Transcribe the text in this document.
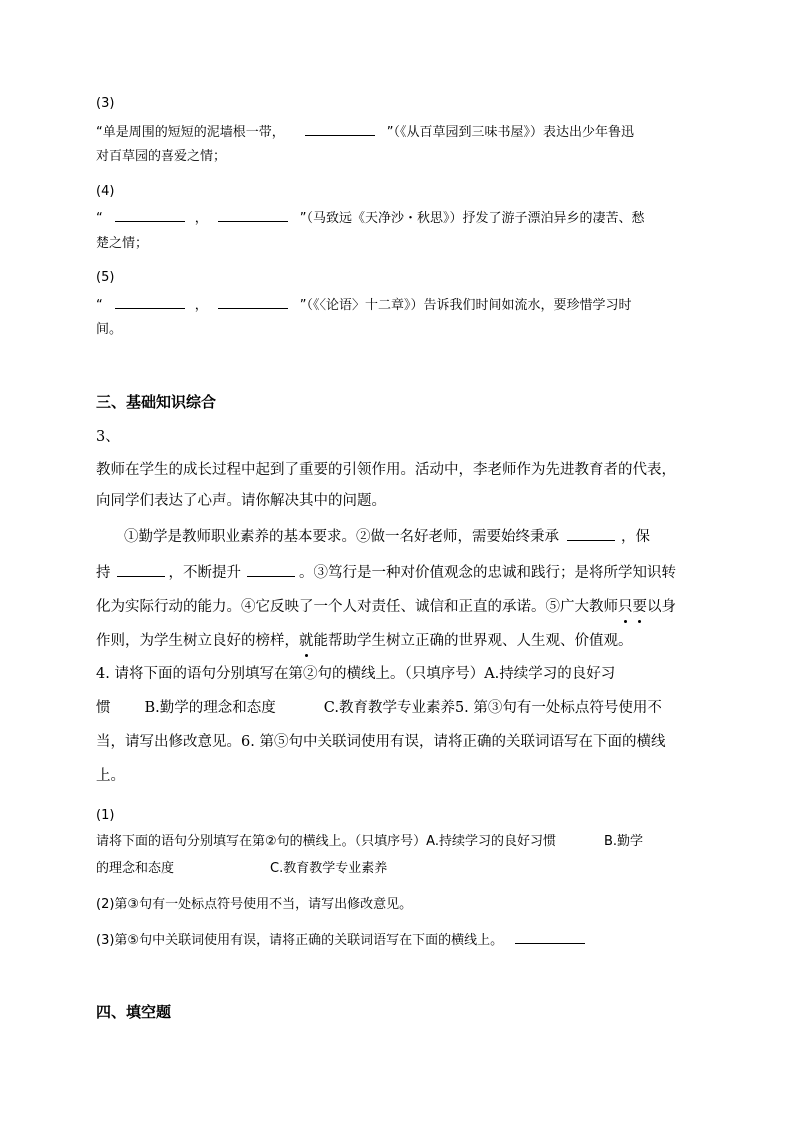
(3)
“单是周围的短短的泥墙根一带，	”（《从百草园到三味书屋》）表达出少年鲁迅
对百草园的喜爱之情；
(4)
“	，	”（马致远《天净沙・秋思》）抒发了游子漂泊异乡的凄苦、愁
楚之情；
(5)
“	，	”（《〈论语〉十二章》）告诉我们时间如流水，要珍惜学习时
间。
三、基础知识综合
3、
教师在学生的成长过程中起到了重要的引领作用。活动中，李老师作为先进教育者的代表，
向同学们表达了心声。请你解决其中的问题。
①勤学是教师职业素养的基本要求。②做一名好老师，需要始终秉承	，保
持	，不断提升	。③笃行是一种对价值观念的忠诚和践行；是将所学知识转
化为实际行动的能力。④它反映了一个人对责任、诚信和正直的承诺。⑤广大教师只要以身
作则，为学生树立良好的榜样，就能帮助学生树立正确的世界观、人生观、价值观。
4. 请将下面的语句分别填写在第②句的横线上。（只填序号）A.持续学习的良好习
惯 B.勤学的理念和态度	C.教育教学专业素养5. 第③句有一处标点符号使用不
当，请写出修改意见。6. 第⑤句中关联词使用有误，请将正确的关联词语写在下面的横线
上。
(1)
请将下面的语句分别填写在第②句的横线上。（只填序号）A.持续学习的良好习惯	B.勤学
的理念和态度	C.教育教学专业素养
(2)第③句有一处标点符号使用不当，请写出修改意见。
(3)第⑤句中关联词使用有误，请将正确的关联词语写在下面的横线上。
四、填空题
